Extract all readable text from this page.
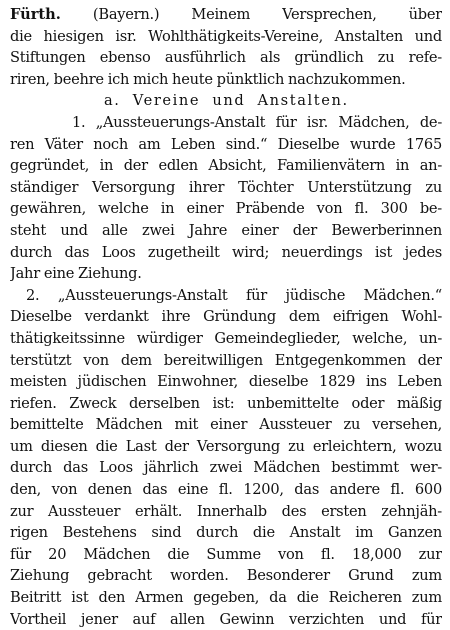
Fürth. (Bayern.) Meinem Versprechen, über
die hiesigen isr. Wohlthätigkeits-Vereine, Anstalten und
Stiftungen ebenso ausführlich als gründlich zu refe-
riren, beehre ich mich heute pünktlich nachzukommen.
a. Vereine und Anstalten.
1. „Aussteuerungs-Anstalt für isr. Mädchen, de-
ren Väter noch am Leben sind.“ Dieselbe wurde 1765
gegründet, in der edlen Absicht, Familienvätern in an-
ständiger Versorgung ihrer Töchter Unterstützung zu
gewähren, welche in einer Präbende von fl. 300 be-
steht und alle zwei Jahre einer der Bewerberinnen
durch das Loos zugetheilt wird; neuerdings ist jedes
Jahr eine Ziehung.
2. „Aussteuerungs-Anstalt für jüdische Mädchen.“
Dieselbe verdankt ihre Gründung dem eifrigen Wohl-
thätigkeitssinne würdiger Gemeindeglieder, welche, un-
terstützt von dem bereitwilligen Entgegenkommen der
meisten jüdischen Einwohner, dieselbe 1829 ins Leben
riefen. Zweck derselben ist: unbemittelte oder mäßig
bemittelte Mädchen mit einer Aussteuer zu versehen,
um diesen die Last der Versorgung zu erleichtern, wozu
durch das Loos jährlich zwei Mädchen bestimmt wer-
den, von denen das eine fl. 1200, das andere fl. 600
zur Aussteuer erhält. Innerhalb des ersten zehnjäh-
rigen Bestehens sind durch die Anstalt im Ganzen
für 20 Mädchen die Summe von fl. 18,000 zur
Ziehung gebracht worden. Besonderer Grund zum
Beitritt ist den Armen gegeben, da die Reicheren zum
Vortheil jener auf allen Gewinn verzichten und für
